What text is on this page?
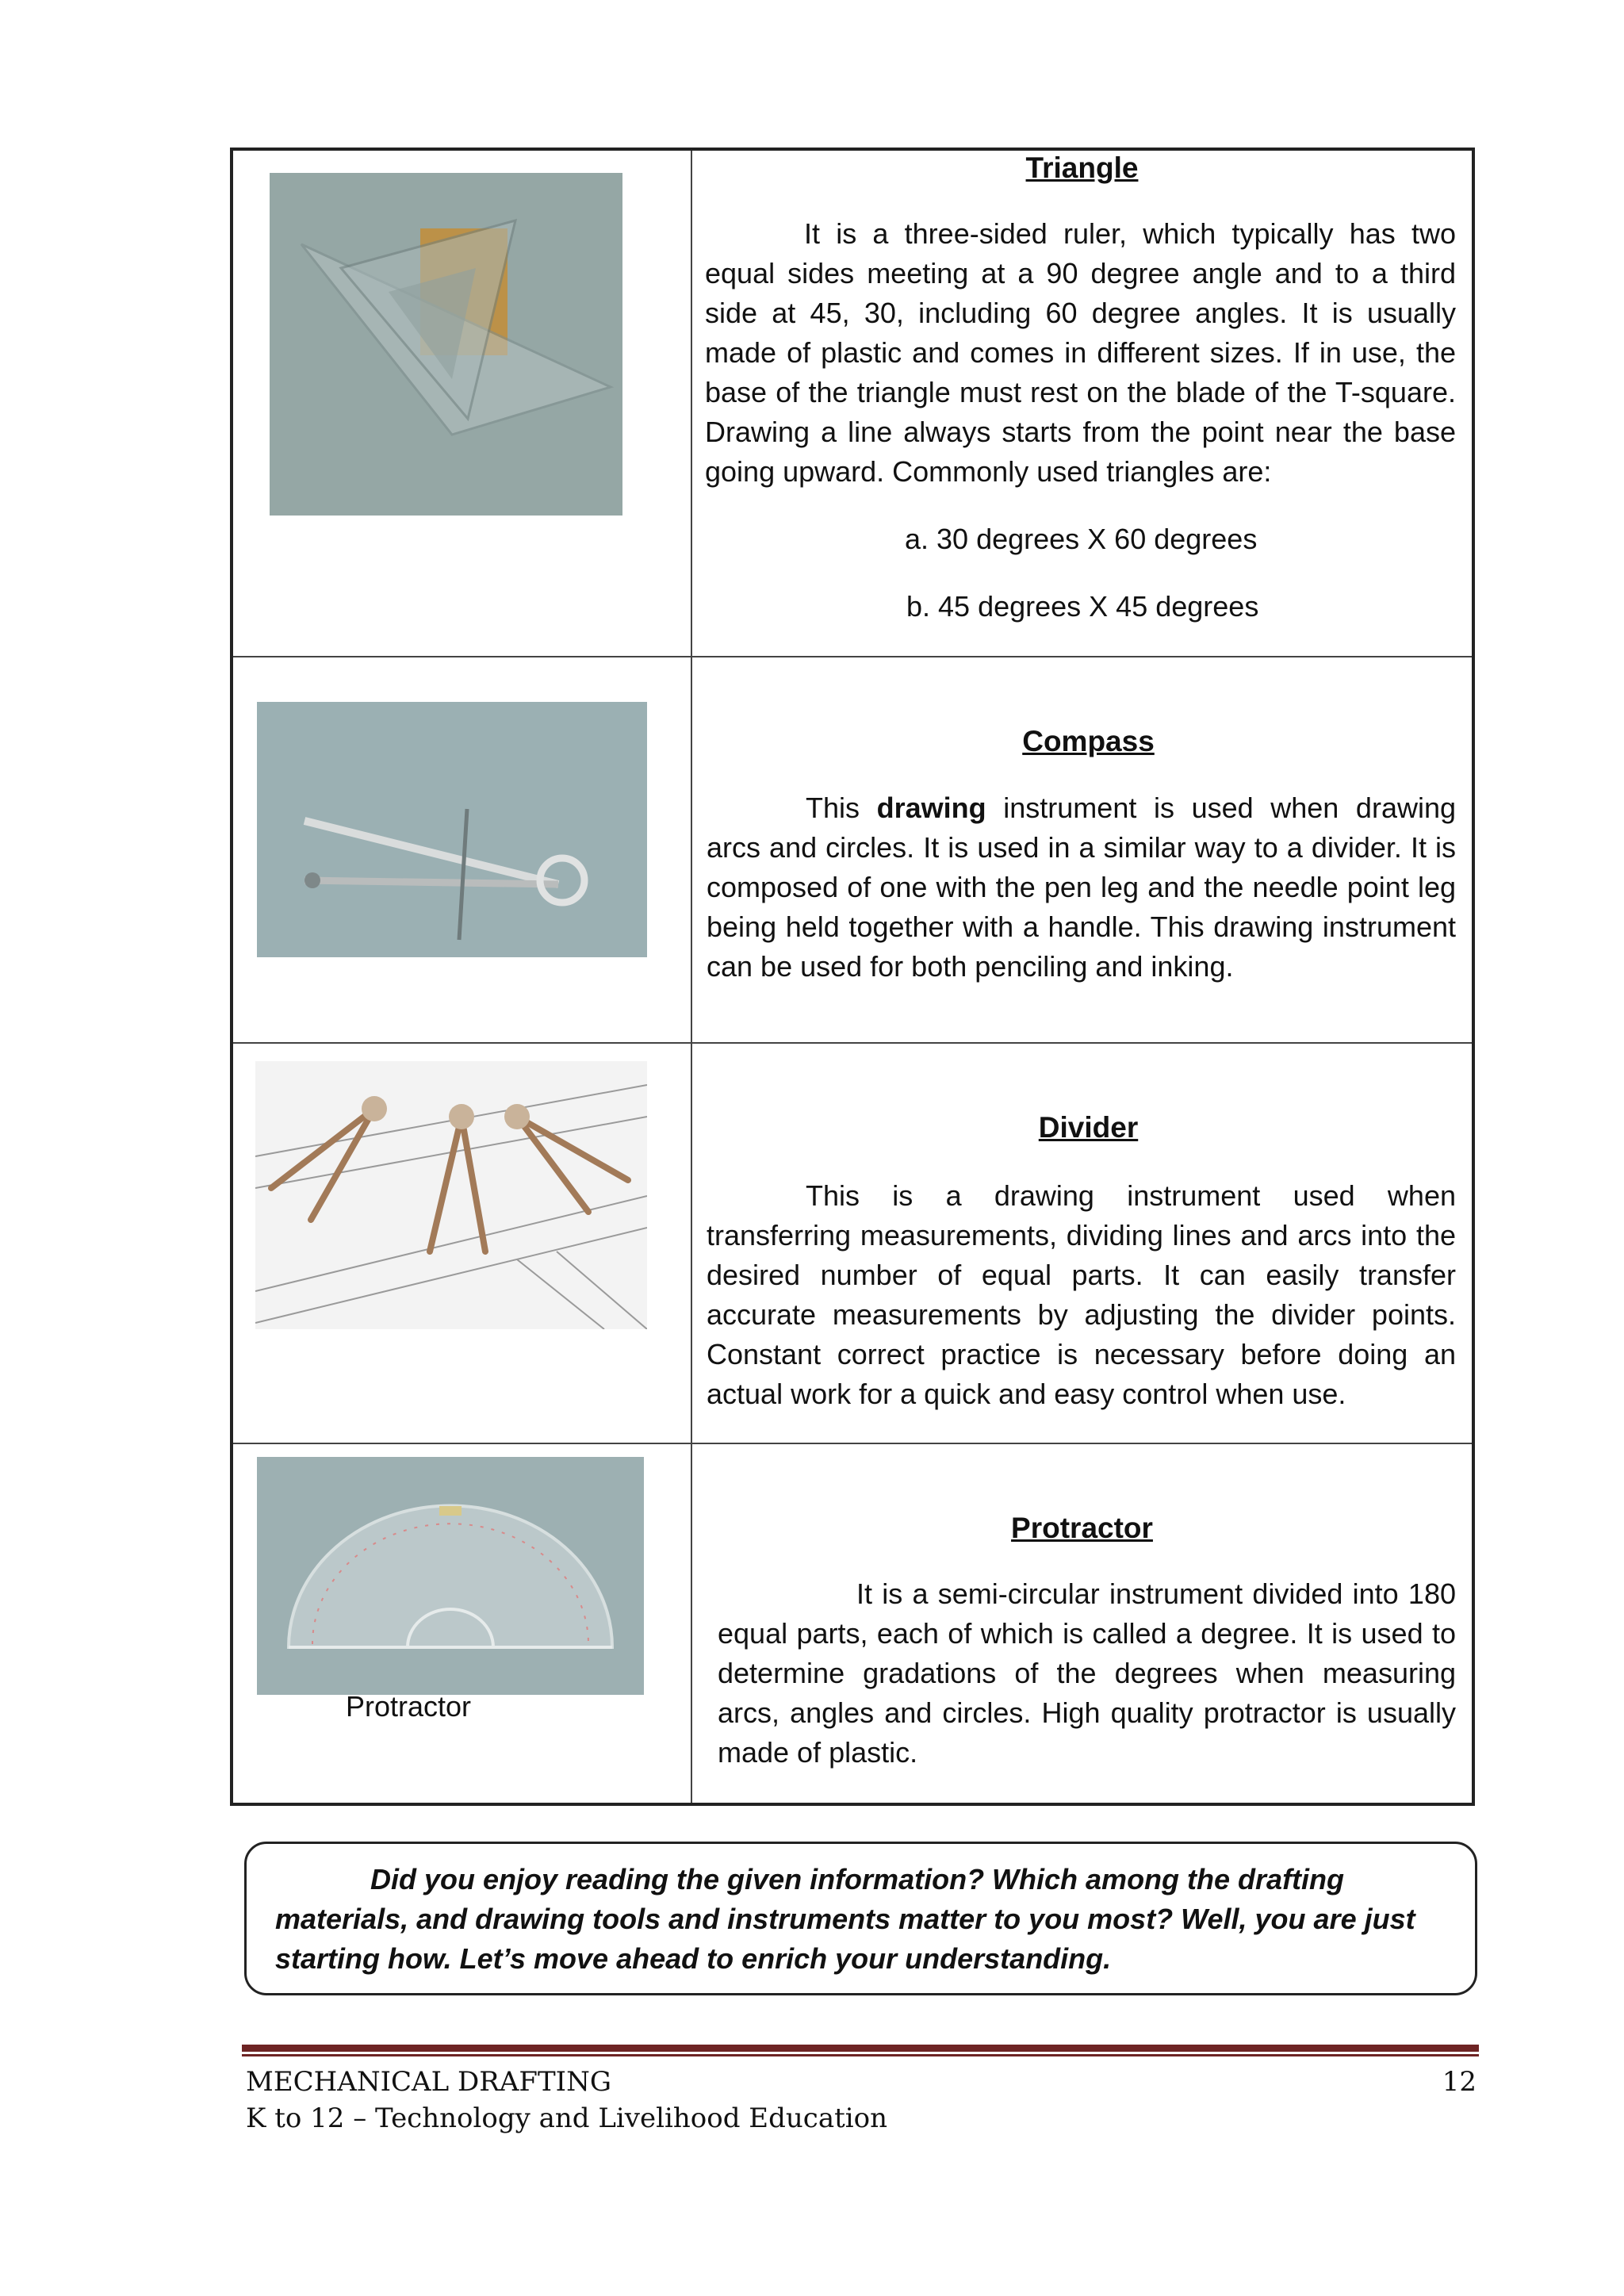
Triangle

It is a three-sided ruler, which typically has two equal sides meeting at a 90 degree angle and to a third side at 45, 30, including 60 degree angles. It is usually made of plastic and comes in different sizes. If in use, the base of the triangle must rest on the blade of the T-square. Drawing a line always starts from the point near the base going upward. Commonly used triangles are:

a. 30 degrees X 60 degrees
b. 45 degrees X 45 degrees

Compass

This drawing instrument is used when drawing arcs and circles. It is used in a similar way to a divider. It is composed of one with the pen leg and the needle point leg being held together with a handle. This drawing instrument can be used for both penciling and inking.

Divider

This is a drawing instrument used when transferring measurements, dividing lines and arcs into the desired number of equal parts. It can easily transfer accurate measurements by adjusting the divider points. Constant correct practice is necessary before doing an actual work for a quick and easy control when use.

Protractor	Protractor

It is a semi-circular instrument divided into 180 equal parts, each of which is called a degree. It is used to determine gradations of the degrees when measuring arcs, angles and circles. High quality protractor is usually made of plastic.

Did you enjoy reading the given information? Which among the drafting materials, and drawing tools and instruments matter to you most? Well, you are just starting how. Let’s move ahead to enrich your understanding.

MECHANICAL DRAFTING
K to 12 – Technology and Livelihood Education
12
